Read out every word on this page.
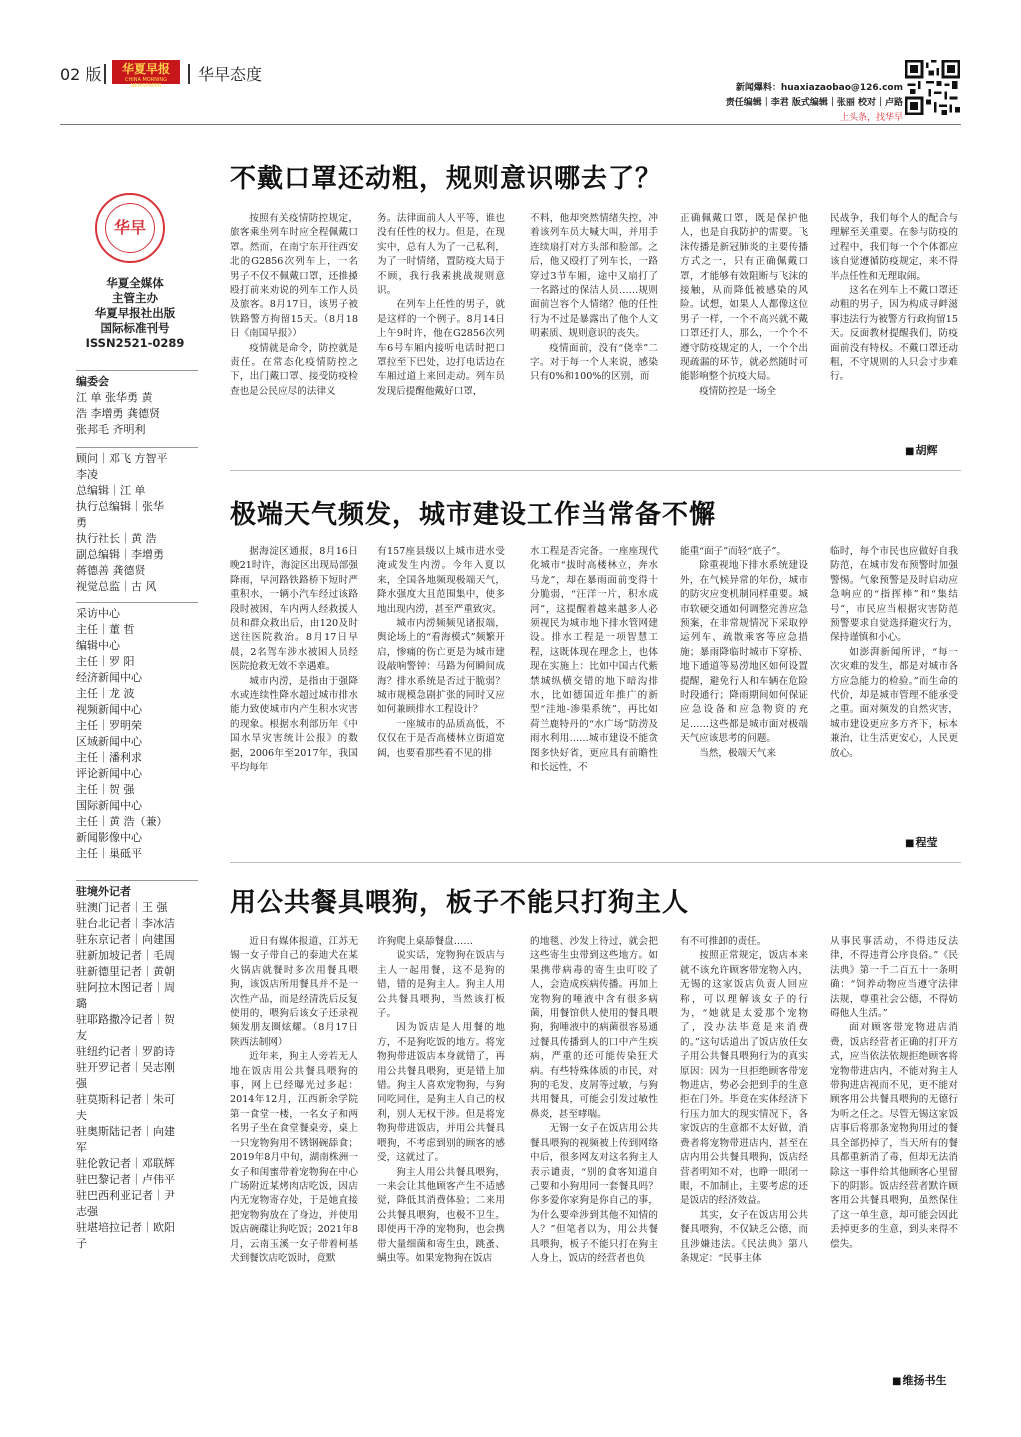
02 版	华夏早报
CHINA MORNING NEWSPAPER
华早态度
新闻爆料：huaxiazaobao@126.com
责任编辑｜李君 版式编辑｜张丽 校对｜卢路
上头条，找华早
华早
华夏全媒体
主管主办
华夏早报社出版
国际标准刊号
ISSN2521-0289
编委会
江 单 张华勇 黄
浩 李增勇 龚德贤
张邦毛 齐明利
顾问｜邓飞 方智平
李凌
总编辑｜江 单
执行总编辑｜张华
勇
执行社长｜黄 浩
副总编辑｜李增勇
蒋德善 龚德贤
视觉总监｜古 风
采访中心
主任｜董 哲
编辑中心
主任｜罗 阳
经济新闻中心
主任｜龙 波
视频新闻中心
主任｜罗明荣
区域新闻中心
主任｜潘利求
评论新闻中心
主任｜贺 强
国际新闻中心
主任｜黄 浩（兼）
新闻影像中心
主任｜巢砥平
驻境外记者
驻澳门记者｜王 强
驻台北记者｜李冰洁
驻东京记者｜向建国
驻新加坡记者｜毛周
驻新德里记者｜黄朝
驻阿拉木图记者｜周
璐
驻耶路撒冷记者｜贺
友
驻纽约记者｜罗韵诗
驻开罗记者｜吴志刚
强
驻莫斯科记者｜朱可
夫
驻奥斯陆记者｜向建
军
驻伦敦记者｜邓联辉
驻巴黎记者｜卢伟平
驻巴西利亚记者｜尹
志强
驻堪培拉记者｜欧阳
子
不戴口罩还动粗，规则意识哪去了？

按照有关疫情防控规定，旅客乘坐列车时应全程佩戴口罩。然而，在南宁东开往西安北的G2856次列车上，一名男子不仅不佩戴口罩，还推搡殴打前来劝说的列车工作人员及旅客。8月17日，该男子被铁路警方拘留15天。（8月18日《南国早报》）

疫情就是命令，防控就是责任。在常态化疫情防控之下，出门戴口罩、接受防疫检查也是公民应尽的法律义

务。法律面前人人平等，谁也没有任性的权力。但是，在现实中，总有人为了一己私利，为了一时情绪，置防疫大局于不顾，我行我素挑战规则意识。

在列车上任性的男子，就是这样的一个例子。8月14日上午9时许，他在G2856次列车6号车厢内接听电话时把口罩拉至下巴处，边打电话边在车厢过道上来回走动。列车员发现后提醒他戴好口罩，

不料，他却突然情绪失控，冲着该列车员大喊大叫，并用手连续扇打对方头部和脸部。之后，他又殴打了列车长，一路穿过3节车厢，途中又扇打了一名路过的保洁人员……规则面前岂容个人情绪？他的任性行为不过是暴露出了他个人文明素质、规则意识的丧失。

疫情面前，没有“侥幸”二字。对于每一个人来说，感染只有0%和100%的区别，而

正确佩戴口罩，既是保护他人，也是自我防护的需要。飞沫传播是新冠肺炎的主要传播方式之一，只有正确佩戴口罩，才能够有效阻断与飞沫的接触，从而降低被感染的风险。试想，如果人人都像这位男子一样，一个不高兴就不戴口罩还打人，那么，一个个不遵守防疫规定的人，一个个出现疏漏的环节，就必然随时可能影响整个抗疫大局。

疫情防控是一场全

民战争，我们每个人的配合与理解至关重要。在参与防疫的过程中，我们每一个个体都应该自觉遵循防疫规定，来不得半点任性和无理取闹。

这名在列车上不戴口罩还动粗的男子，因为构成寻衅滋事违法行为被警方行政拘留15天。反面教材提醒我们，防疫面前没有特权。不戴口罩还动粗，不守规则的人只会寸步难行。

■ 胡辉
极端天气频发，城市建设工作当常备不懈

据海淀区通报，8月16日晚21时许，海淀区出现局部强降雨，早河路铁路桥下短时严重积水，一辆小汽车经过该路段时被困，车内两人经救援人员和群众救出后，由120及时送往医院救治。8月17日早晨，2名驾车涉水被困人员经医院抢救无效不幸遇难。

城市内涝，是指由于强降水或连续性降水超过城市排水能力致使城市内产生积水灾害的现象。根据水利部历年《中国水旱灾害统计公报》的数据，2006年至2017年，我国平均每年

有157座县级以上城市进水受淹或发生内涝。今年入夏以来，全国各地频现极端天气，降水强度大且范围集中，使多地出现内涝，甚至严重致灾。

城市内涝频频见诸报端，舆论场上的“看海模式”频繁开启，惨痛的伤亡更是为城市建设敲响警钟：马路为何瞬间成海？排水系统是否过于脆弱？城市规模急剧扩张的同时又应如何兼顾排水工程设计？

一座城市的品质高低，不仅仅在于是否高楼林立街道宽阔，也要看那些看不见的排

水工程是否完备。一座座现代化城市“拔时高楼林立，奔水马龙”，却在暴雨面前变得十分脆弱，“汪洋一片，积水成河”，这提醒着越来越多人必须视民为城市地下排水管网建设。排水工程是一项智慧工程，这既体现在理念上，也体现在实施上：比如中国古代紫禁城纵横交错的地下暗沟排水，比如德国近年推广的新型“洼地-渗渠系统”，再比如荷兰鹿特丹的“水广场”防涝及雨水利用……城市建设不能贪图多快好省，更应具有前瞻性和长远性，不

能重“面子”而轻“底子”。

除重视地下排水系统建设外，在气候异常的年份，城市的防灾应变机制同样重要。城市软硬交通如何调整完善应急预案，在非常规情况下采取停运列车、疏散乘客等应急措施；暴雨降临时城市下穿桥、地下通道等易涝地区如何设置提醒，避免行人和车辆在危险时段通行；降雨期间如何保证应急设备和应急物资的充足……这些都是城市面对极端天气应该思考的问题。

当然，极端天气来

临时，每个市民也应做好自我防范，在城市发布预警时加强警惕。气象预警是及时启动应急响应的“指挥棒”和“集结号”，市民应当根据灾害防范预警要求自觉选择避灾行为，保持谨慎和小心。

如澎湃新闻所评，“每一次灾难的发生，都是对城市各方应急能力的检验。”而生命的代价，却是城市管理不能承受之重。面对频发的自然灾害，城市建设更应多方齐下，标本兼治，让生活更安心，人民更放心。

■ 程莹
用公共餐具喂狗，板子不能只打狗主人

近日有媒体报道，江苏无锡一女子带自己的泰迪犬在某火锅店就餐时多次用餐具喂狗，该饭店所用餐具并不是一次性产品，而是经清洗后反复使用的，喂狗后该女子还录视频发朋友圈炫耀。（8月17日陕西法制网）

近年来，狗主人旁若无人地在饭店用公共餐具喂狗的事，网上已经曝光过多起：2014年12月，江西新余学院第一食堂一楼，一名女子和两名男子坐在食堂餐桌旁，桌上一只宠物狗用不锈钢碗舔食；2019年8月中旬，湖南株洲一女子和闺蜜带着宠物狗在中心广场附近某烤肉店吃饭，因店内无宠物寄存处，于是她直接把宠物狗放在了身边，并使用饭店碗碟让狗吃饭；2021年8月，云南玉溪一女子带着柯基犬到餐饮店吃饭时，竟默

许狗爬上桌舔餐盘……

说实话，宠物狗在饭店与主人一起用餐，这不是狗的错，错的是狗主人。狗主人用公共餐具喂狗，当然该打板子。

因为饭店是人用餐的地方，不是狗吃饭的地方。将宠物狗带进饭店本身就错了，再用公共餐具喂狗，更是错上加错。狗主人喜欢宠物狗，与狗同吃同住，是狗主人自己的权利，别人无权干涉。但是将宠物狗带进饭店，并用公共餐具喂狗，不考虑到别的顾客的感受，这就过了。

狗主人用公共餐具喂狗，一来会让其他顾客产生不适感觉，降低其消费体验；二来用公共餐具喂狗，也极不卫生。即使再干净的宠物狗，也会携带大量细菌和寄生虫，跳蚤、螨虫等。如果宠物狗在饭店

的地毯、沙发上待过，就会把这些寄生虫带到这些地方。如果携带病毒的寄生虫叮咬了人，会造成疾病传播。再加上宠物狗的唾液中含有很多病菌，用餐馆供人使用的餐具喂狗，狗唾液中的病菌很容易通过餐具传播到人的口中产生疾病，严重的还可能传染狂犬病。有些特殊体质的市民，对狗的毛发、皮屑等过敏，与狗共用餐具，可能会引发过敏性鼻炎，甚至哮喘。

无锡一女子在饭店用公共餐具喂狗的视频被上传到网络中后，很多网友对这名狗主人表示谴责，“别的食客知道自己要和小狗用同一套餐具吗？你多爱你家狗是你自己的事，为什么要牵涉到其他不知情的人？”但笔者以为，用公共餐具喂狗，板子不能只打在狗主人身上，饭店的经营者也负

有不可推卸的责任。

按照正常规定，饭店本来就不该允许顾客带宠物入内，无锡的这家饭店负责人回应称，可以理解该女子的行为，“她就是太爱那个宠物了，没办法毕竟是来消费的。”这句话道出了饭店放任女子用公共餐具喂狗行为的真实原因：因为一旦拒绝顾客带宠物进店，势必会把到手的生意拒在门外。毕竟在实体经济下行压力加大的现实情况下，各家饭店的生意都不太好做，消费者将宠物带进店内，甚至在店内用公共餐具喂狗，饭店经营者明知不对，也睁一眼闭一眼，不加制止，主要考虑的还是饭店的经济效益。

其实，女子在饭店用公共餐具喂狗，不仅缺乏公德，而且涉嫌违法。《民法典》第八条规定：“民事主体

从事民事活动，不得违反法律，不得违背公序良俗。”《民法典》第一千二百五十一条明确：“饲养动物应当遵守法律法规，尊重社会公德，不得妨碍他人生活。”

面对顾客带宠物进店消费，饭店经营者正确的打开方式，应当依法依规拒绝顾客将宠物带进店内，不能对狗主人带狗进店视而不见，更不能对顾客用公共餐具喂狗的无德行为听之任之。尽管无锡这家饭店事后将那条宠物狗用过的餐具全部扔掉了，当天所有的餐具都重新消了毒，但却无法消除这一事件给其他顾客心里留下的阴影。饭店经营者默许顾客用公共餐具喂狗，虽然保住了这一单生意，却可能会因此丢掉更多的生意，到头来得不偿失。

■ 维扬书生
